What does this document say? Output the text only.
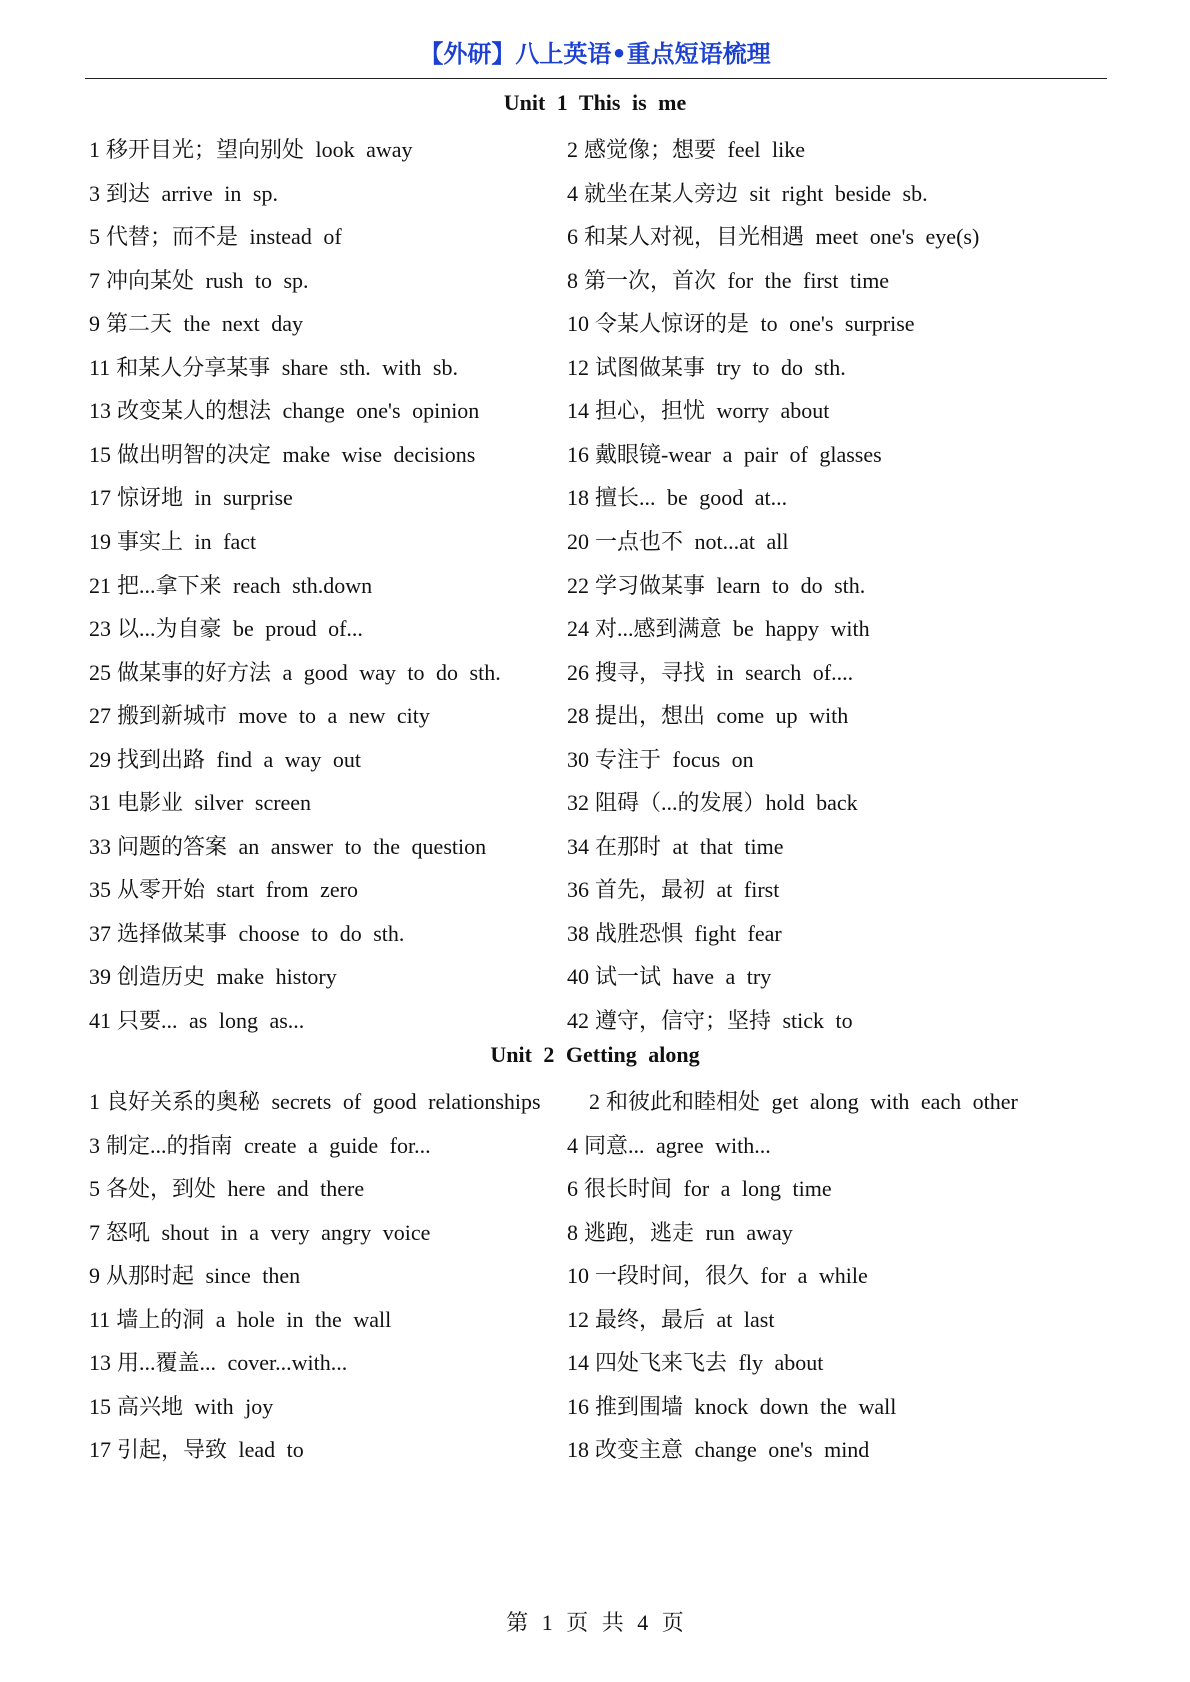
【外研】八上英语•重点短语梳理
Unit 1 This is me
1 移开目光；望向别处 look away	2 感觉像；想要 feel like
3 到达 arrive in sp.	4 就坐在某人旁边 sit right beside sb.
5 代替；而不是 instead of	6 和某人对视，目光相遇 meet one's eye(s)
7 冲向某处 rush to sp.	8 第一次，首次 for the first time
9 第二天 the next day	10 令某人惊讶的是 to one's surprise
11 和某人分享某事 share sth. with sb.	12 试图做某事 try to do sth.
13 改变某人的想法 change one's opinion	14 担心，担忧 worry about
15 做出明智的决定 make wise decisions	16 戴眼镜-wear a pair of glasses
17 惊讶地 in surprise	18 擅长... be good at...
19 事实上 in fact	20 一点也不 not...at all
21 把...拿下来 reach sth.down	22 学习做某事 learn to do sth.
23 以...为自豪 be proud of...	24 对...感到满意 be happy with
25 做某事的好方法 a good way to do sth.	26 搜寻，寻找 in search of....
27 搬到新城市 move to a new city	28 提出，想出 come up with
29 找到出路 find a way out	30 专注于 focus on
31 电影业 silver screen	32 阻碍（...的发展）hold back
33 问题的答案 an answer to the question	34 在那时 at that time
35 从零开始 start from zero	36 首先，最初 at first
37 选择做某事 choose to do sth.	38 战胜恐惧 fight fear
39 创造历史 make history	40 试一试 have a try
41 只要... as long as...	42 遵守，信守；坚持 stick to
Unit 2 Getting along
1 良好关系的奥秘 secrets of good relationships 2 和彼此和睦相处 get along with each other
3 制定...的指南 create a guide for...	4 同意... agree with...
5 各处，到处 here and there	6 很长时间 for a long time
7 怒吼 shout in a very angry voice	8 逃跑，逃走 run away
9 从那时起 since then	10 一段时间，很久 for a while
11 墙上的洞 a hole in the wall	12 最终，最后 at last
13 用...覆盖... cover...with...	14 四处飞来飞去 fly about
15 高兴地 with joy	16 推到围墙 knock down the wall
17 引起，导致 lead to	18 改变主意 change one's mind
第 1 页 共 4 页
